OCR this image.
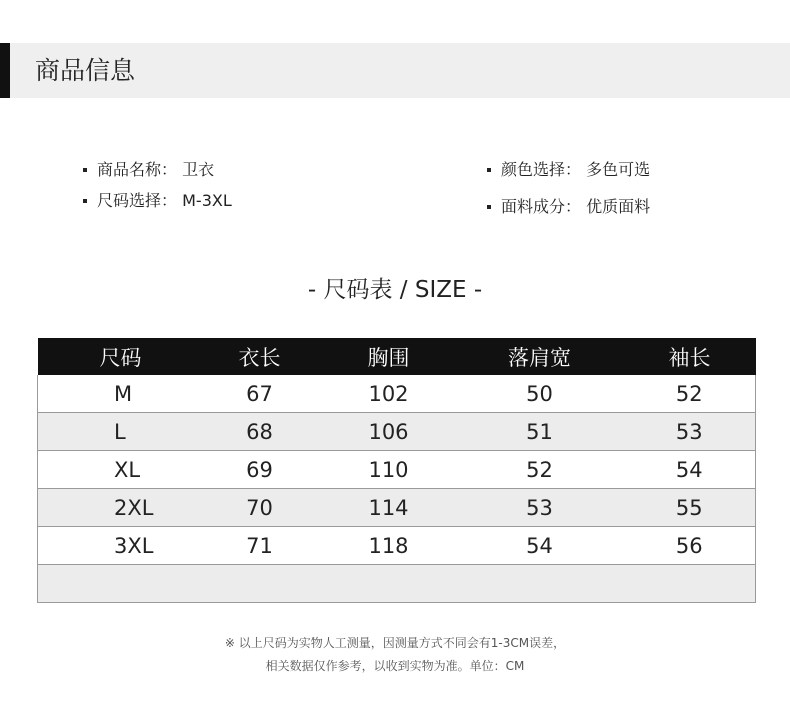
商品信息
商品名称： 卫衣
尺码选择： M-3XL
颜色选择： 多色可选
面料成分： 优质面料
- 尺码表 / SIZE -
尺码	衣长	胸围	落肩宽	袖长
M	67	102	50	52
L	68	106	51	53
XL	69	110	52	54
2XL	70	114	53	55
3XL	71	118	54	56

※ 以上尺码为实物人工测量，因测量方式不同会有1-3CM误差，
相关数据仅作参考，以收到实物为准。单位：CM
